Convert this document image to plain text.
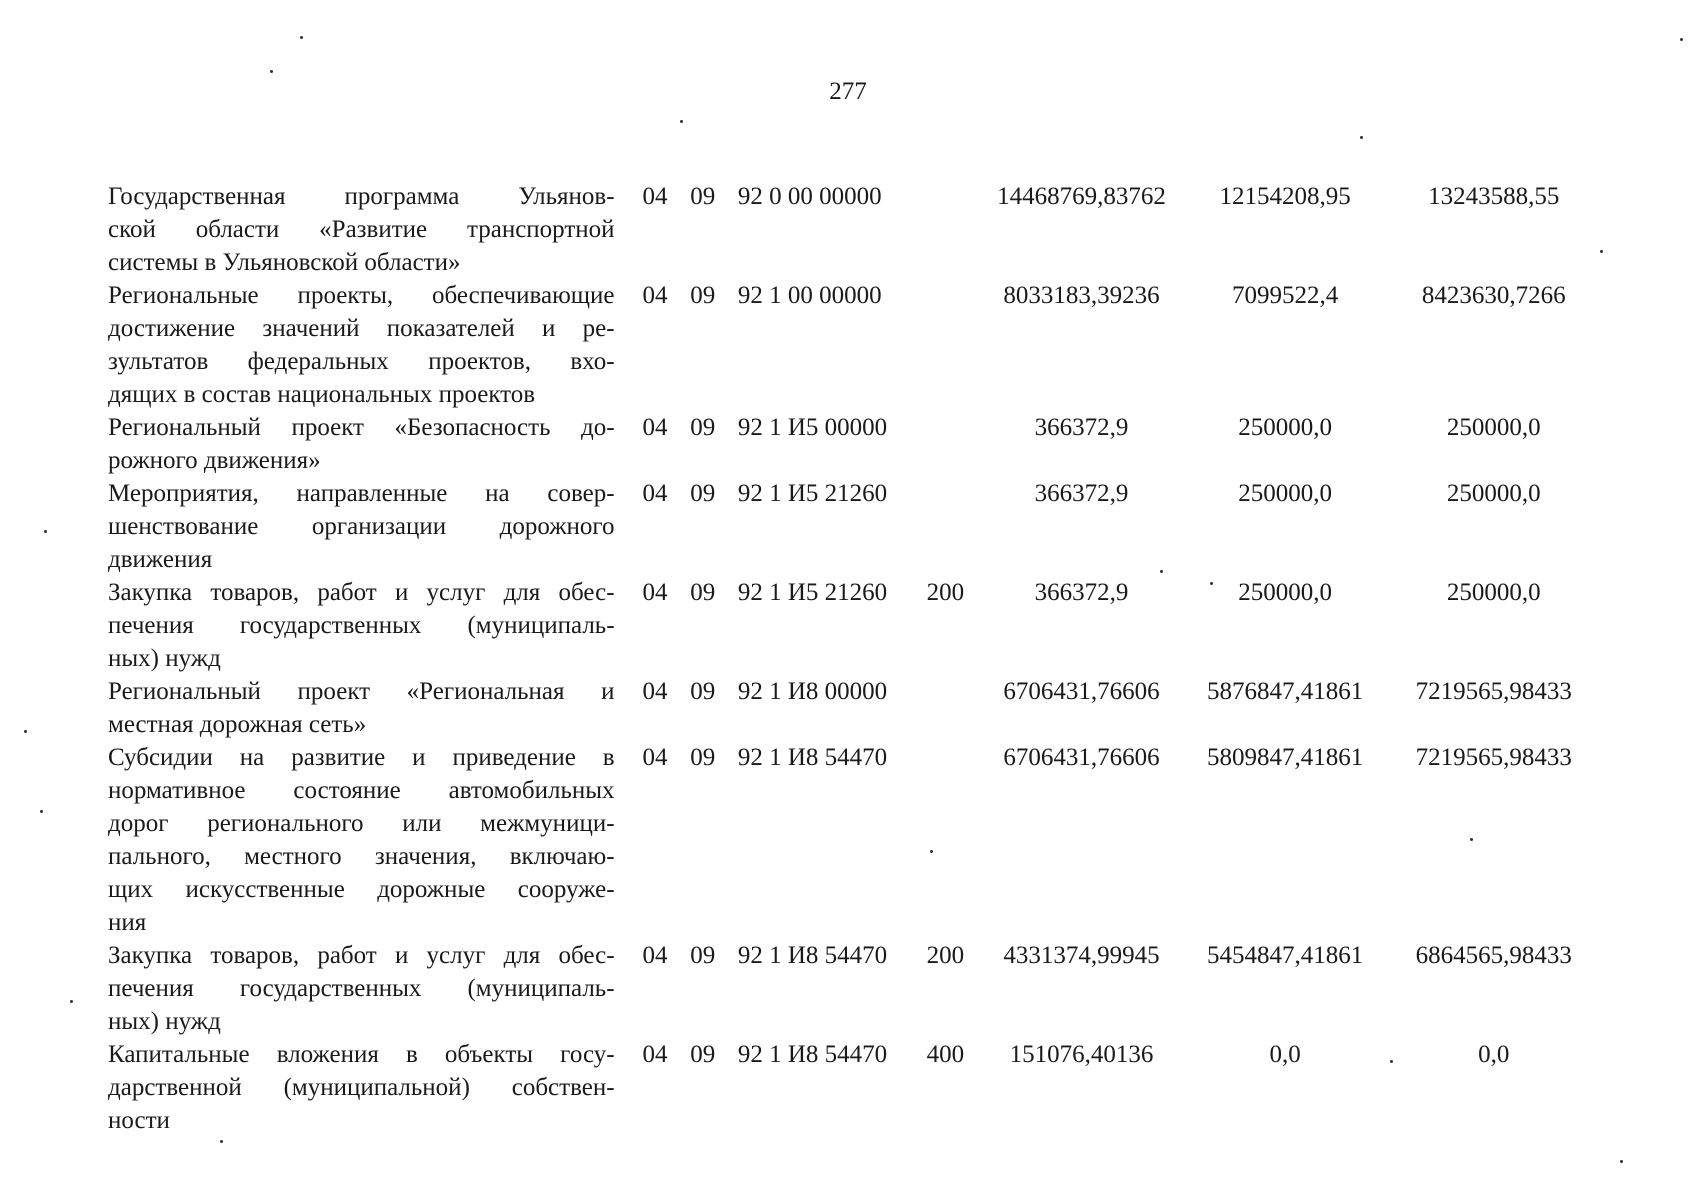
277
Государственная программа Ульянов-
ской области «Развитие транспортной
системы в Ульяновской области»
04 09 92 0 00 00000	14468769,83762	12154208,95	13243588,55
Региональные проекты, обеспечивающие
достижение значений показателей и ре-
зультатов федеральных проектов, вхо-
дящих в состав национальных проектов
04 09 92 1 00 00000	8033183,39236	7099522,4	8423630,7266
Региональный проект «Безопасность до-
рожного движения»
04 09 92 1 И5 00000	366372,9	250000,0	250000,0
Мероприятия, направленные на совер-
шенствование организации дорожного
движения
04 09 92 1 И5 21260	366372,9	250000,0	250000,0
Закупка товаров, работ и услуг для обес-
печения государственных (муниципаль-
ных) нужд
04 09 92 1 И5 21260	200	366372,9	250000,0	250000,0
Региональный проект «Региональная и
местная дорожная сеть»
04 09 92 1 И8 00000	6706431,76606	5876847,41861	7219565,98433
Субсидии на развитие и приведение в
нормативное состояние автомобильных
дорог регионального или межмуници-
пального, местного значения, включаю-
щих искусственные дорожные сооруже-
ния
04 09 92 1 И8 54470	6706431,76606	5809847,41861	7219565,98433
Закупка товаров, работ и услуг для обес-
печения государственных (муниципаль-
ных) нужд
04 09 92 1 И8 54470	200	4331374,99945	5454847,41861	6864565,98433
Капитальные вложения в объекты госу-
дарственной (муниципальной) собствен-
ности
04 09 92 1 И8 54470	400	151076,40136	0,0	0,0
